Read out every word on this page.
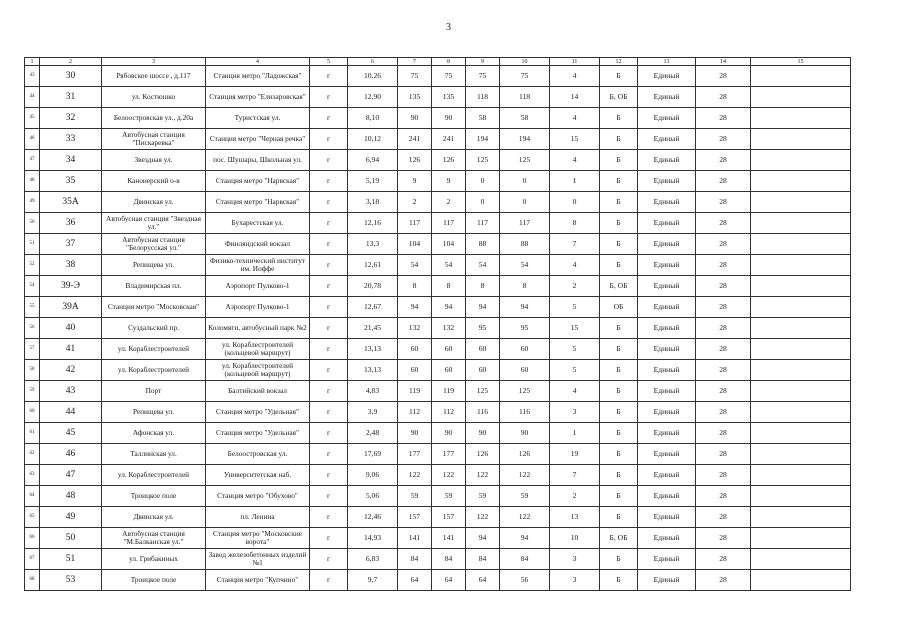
3
1	2	3	4	5	6	7	8	9	10	11	12	13	14	15
43	30	Рябовское шоссе , д.117	Станция метро "Ладожская"	г	10,26	75	75	75	75	4	Б	Единый	28	
44	31	ул. Костюшко	Станция метро "Елизаровская"	г	12,90	135	135	118	118	14	Б, ОБ	Единый	28	
45	32	Белоостровская ул., д.20а	Туристская ул.	г	8,10	90	90	58	58	4	Б	Единый	28	
46	33	Автобусная станция "Пискаревка"	Станция метро "Черная речка"	г	10,12	241	241	194	194	15	Б	Единый	28	
47	34	Звездная ул.	пос. Шушары, Школьная ул.	г	6,94	126	126	125	125	4	Б	Единый	28	
48	35	Канонерский о-в	Станция метро "Нарвская"	г	5,19	9	9	0	0	1	Б	Единый	28	
49	35А	Двинская ул.	Станция метро "Нарвская"	г	3,18	2	2	0	0	0	Б	Единый	28	
50	36	Автобусная станция "Звездная ул."	Бухарестская ул.	г	12,16	117	117	117	117	8	Б	Единый	28	
51	37	Автобусная станция "Белорусская ул."	Финляндский вокзал	г	13,3	104	104	88	88	7	Б	Единый	28	
52	38	Репищева ул.	Физико-технический институт им. Иоффе	г	12,61	54	54	54	54	4	Б	Единый	28	
54	39-Э	Владимирская пл.	Аэропорт Пулково-1	г	20,78	8	8	8	8	2	Б, ОБ	Единый	28	
55	39А	Станция метро "Московская"	Аэропорт Пулково-1	г	12,67	94	94	94	94	5	ОБ	Единый	28	
56	40	Суздальский пр.	Коломяги, автобусный парк №2	г	21,45	132	132	95	95	15	Б	Единый	28	
57	41	ул. Кораблестроителей	ул. Кораблестроителей (кольцевой маршрут)	г	13,13	60	60	60	60	5	Б	Единый	28	
58	42	ул. Кораблестроителей	ул. Кораблестроителей (кольцевой маршрут)	г	13,13	60	60	60	60	5	Б	Единый	28	
59	43	Порт	Балтийский вокзал	г	4,83	119	119	125	125	4	Б	Единый	28	
60	44	Репищева ул.	Станция метро "Удельная"	г	3,9	112	112	116	116	3	Б	Единый	28	
61	45	Афонская ул.	Станция метро "Удельная"	г	2,48	90	90	90	90	1	Б	Единый	28	
62	46	Таллинская ул.	Белоостровская ул.	г	17,69	177	177	126	126	19	Б	Единый	28	
63	47	ул. Кораблестроителей	Университетская наб.	г	9,06	122	122	122	122	7	Б	Единый	28	
64	48	Троицкое поле	Станция метро "Обухово"	г	5,06	59	59	59	59	2	Б	Единый	28	
65	49	Двинская ул.	пл. Ленина	г	12,46	157	157	122	122	13	Б	Единый	28	
66	50	Автобусная станция "М.Балканская ул."	Станция метро "Московские ворота"	г	14,93	141	141	94	94	10	Б, ОБ	Единый	28	
67	51	ул. Грибакиных	Завод железобетонных изделий №1	г	6,83	84	84	84	84	3	Б	Единый	28	
68	53	Троицкое поле	Станция метро "Купчино"	г	9,7	64	64	64	56	3	Б	Единый	28	
